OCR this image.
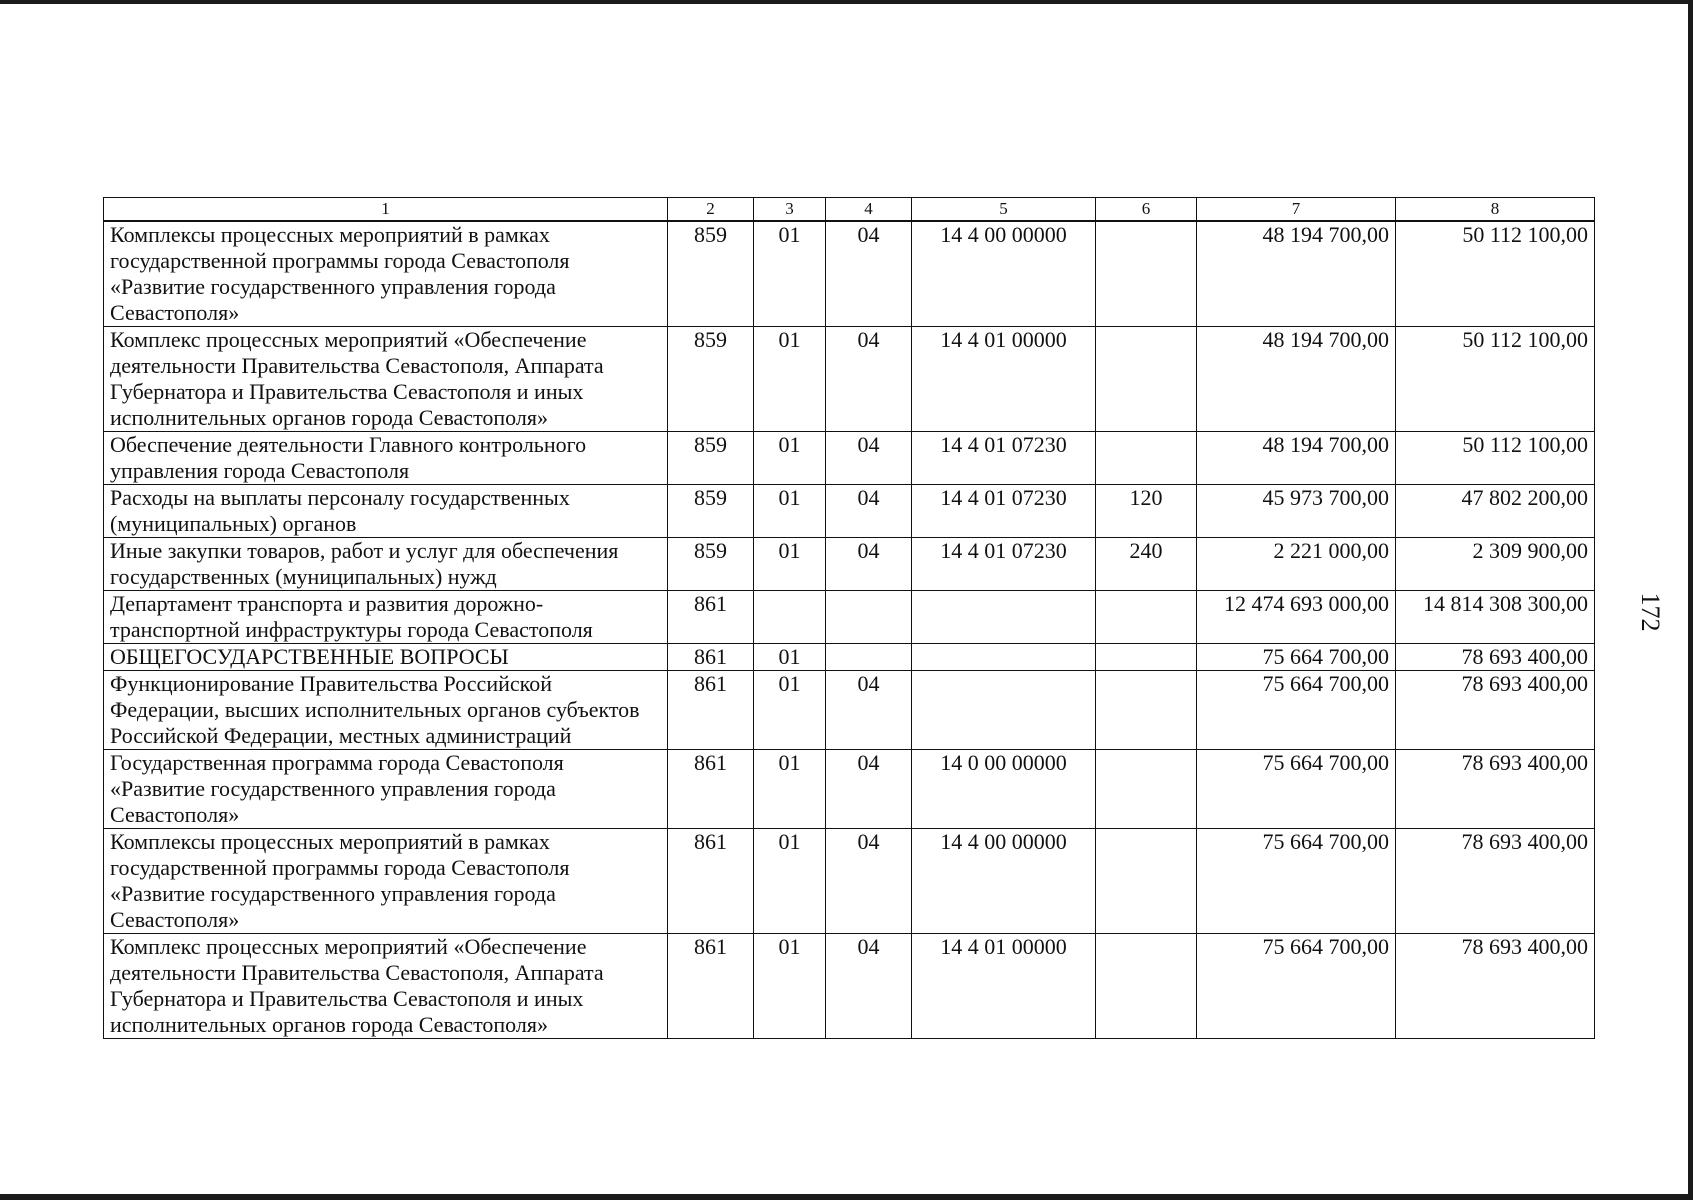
1	2	3	4	5	6	7	8
Комплексы процессных мероприятий в рамках государственной программы города Севастополя «Развитие государственного управления города Севастополя»	859	01	04	14 4 00 00000		48 194 700,00	50 112 100,00
Комплекс процессных мероприятий «Обеспечение деятельности Правительства Севастополя, Аппарата Губернатора и Правительства Севастополя и иных исполнительных органов города Севастополя»	859	01	04	14 4 01 00000		48 194 700,00	50 112 100,00
Обеспечение деятельности Главного контрольного управления города Севастополя	859	01	04	14 4 01 07230		48 194 700,00	50 112 100,00
Расходы на выплаты персоналу государственных (муниципальных) органов	859	01	04	14 4 01 07230	120	45 973 700,00	47 802 200,00
Иные закупки товаров, работ и услуг для обеспечения государственных (муниципальных) нужд	859	01	04	14 4 01 07230	240	2 221 000,00	2 309 900,00
Департамент транспорта и развития дорожно-транспортной инфраструктуры города Севастополя	861					12 474 693 000,00	14 814 308 300,00
ОБЩЕГОСУДАРСТВЕННЫЕ ВОПРОСЫ	861	01				75 664 700,00	78 693 400,00
Функционирование Правительства Российской Федерации, высших исполнительных органов субъектов Российской Федерации, местных администраций	861	01	04			75 664 700,00	78 693 400,00
Государственная программа города Севастополя «Развитие государственного управления города Севастополя»	861	01	04	14 0 00 00000		75 664 700,00	78 693 400,00
Комплексы процессных мероприятий в рамках государственной программы города Севастополя «Развитие государственного управления города Севастополя»	861	01	04	14 4 00 00000		75 664 700,00	78 693 400,00
Комплекс процессных мероприятий «Обеспечение деятельности Правительства Севастополя, Аппарата Губернатора и Правительства Севастополя и иных исполнительных органов города Севастополя»	861	01	04	14 4 01 00000		75 664 700,00	78 693 400,00
172
